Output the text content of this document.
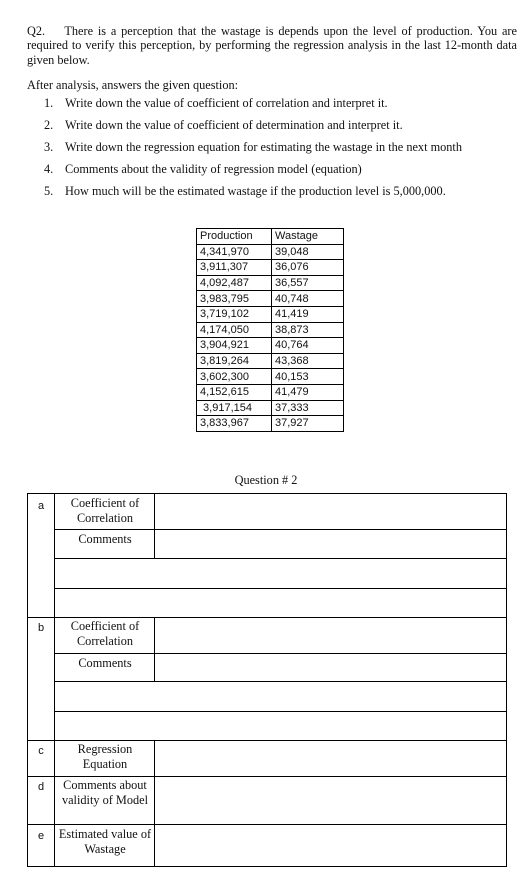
Q2.    There is a perception that the wastage is depends upon the level of production. You are required to verify this perception, by performing the regression analysis in the last 12-month data given below.
After analysis, answers the given question:
1. Write down the value of coefficient of correlation and interpret it.
2. Write down the value of coefficient of determination and interpret it.
3. Write down the regression equation for estimating the wastage in the next month
4. Comments about the validity of regression model (equation)
5. How much will be the estimated wastage if the production level is 5,000,000.
Production	Wastage
4,341,970	39,048
3,911,307	36,076
4,092,487	36,557
3,983,795	40,748
3,719,102	41,419
4,174,050	38,873
3,904,921	40,764
3,819,264	43,368
3,602,300	40,153
4,152,615	41,479
3,917,154	37,333
3,833,967	37,927
Question # 2
a	Coefficient of Correlation
Comments
b	Coefficient of Correlation
Comments
c	Regression Equation
d	Comments about validity of Model
e	Estimated value of Wastage
